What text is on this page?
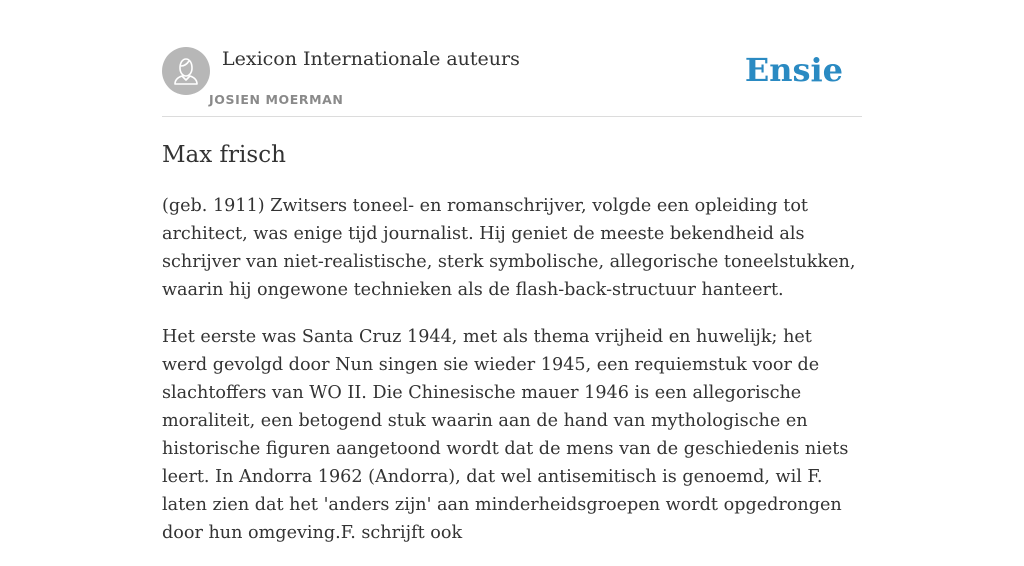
Lexicon Internationale auteurs
JOSIEN MOERMAN
Ensie
Max frisch

(geb. 1911) Zwitsers toneel- en romanschrijver, volgde een opleiding tot architect, was enige tijd journalist. Hij geniet de meeste bekendheid als schrijver van niet-realistische, sterk symbolische, allegorische toneelstukken, waarin hij ongewone technieken als de flash-back-structuur hanteert.

Het eerste was Santa Cruz 1944, met als thema vrijheid en huwelijk; het werd gevolgd door Nun singen sie wieder 1945, een requiemstuk voor de slachtoffers van WO II. Die Chinesische mauer 1946 is een allegorische moraliteit, een betogend stuk waarin aan de hand van mythologische en historische figuren aangetoond wordt dat de mens van de geschiedenis niets leert. In Andorra 1962 (Andorra), dat wel antisemitisch is genoemd, wil F. laten zien dat het 'anders zijn' aan minderheidsgroepen wordt opgedrongen door hun omgeving.F. schrijft ook
